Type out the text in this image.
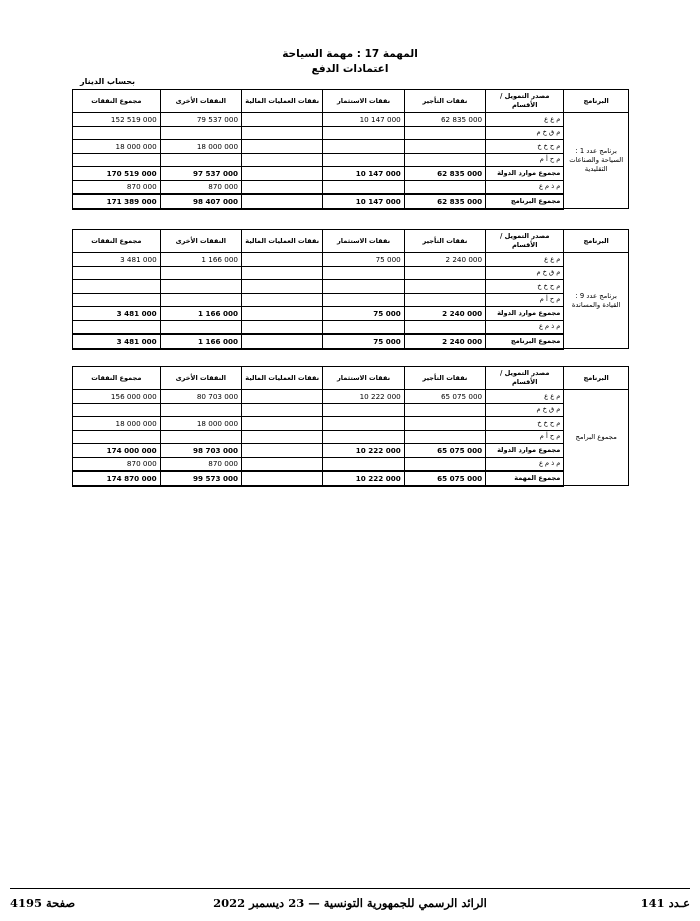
المهمة 17 : مهمة السياحة
اعتمادات الدفع
بحساب الدينار
البرنامج	مصدر التمويل / الأقسام	نفقات التأجير	نفقات الاستثمار	نفقات العمليات المالية	النفقات الأخرى	مجموع النفقات
برنامج عدد 1 : السياحة والصناعات التقليدية	م ع ع	62 835 000	10 147 000		79 537 000	152 519 000
	م ق خ م					
	م ح خ خ				18 000 000	18 000 000
	م ح أ م					
	مجموع موارد الدولة	62 835 000	10 147 000		97 537 000	170 519 000
	م ذ م ع				870 000	870 000
	مجموع البرنامج	62 835 000	10 147 000		98 407 000	171 389 000
البرنامج	مصدر التمويل / الأقسام	نفقات التأجير	نفقات الاستثمار	نفقات العمليات المالية	النفقات الأخرى	مجموع النفقات
برنامج عدد 9 : القيادة والمساندة	م ع ع	2 240 000	75 000		1 166 000	3 481 000
	م ق خ م					
	م ح خ خ					
	م ح أ م					
	مجموع موارد الدولة	2 240 000	75 000		1 166 000	3 481 000
	م ذ م ع					
	مجموع البرنامج	2 240 000	75 000		1 166 000	3 481 000
البرنامج	مصدر التمويل / الأقسام	نفقات التأجير	نفقات الاستثمار	نفقات العمليات المالية	النفقات الأخرى	مجموع النفقات
مجموع البرامج	م ع ع	65 075 000	10 222 000		80 703 000	156 000 000
	م ق خ م					
	م ح خ خ				18 000 000	18 000 000
	م ح أ م					
	مجموع موارد الدولة	65 075 000	10 222 000		98 703 000	174 000 000
	م ذ م ع				870 000	870 000
	مجموع المهمة	65 075 000	10 222 000		99 573 000	174 870 000
الرائد الرسمي للجمهورية التونسية — 23 ديسمبر 2022
صفحة 4195	عـدد 141
